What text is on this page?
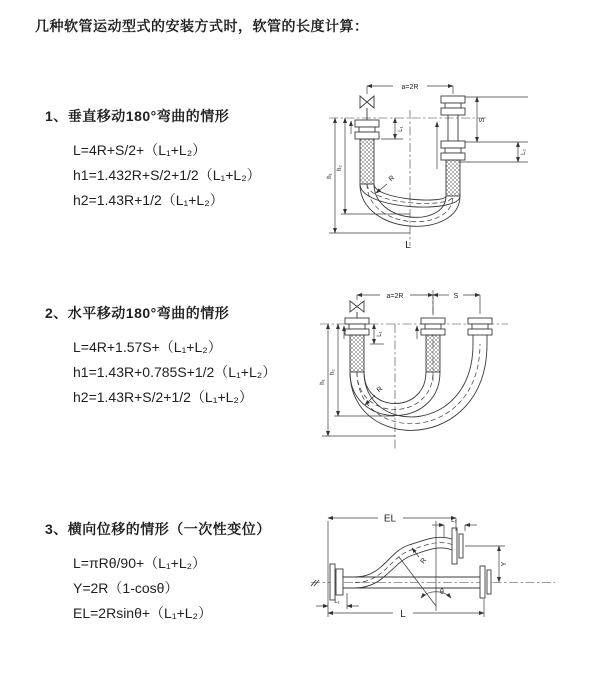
几种软管运动型式的安装方式时，软管的长度计算：
1、垂直移动180°弯曲的情形
L=4R+S/2+（L₁+L₂）
h1=1.432R+S/2+1/2（L₁+L₂）
h2=1.43R+1/2（L₁+L₂）
2、水平移动180°弯曲的情形
L=4R+1.57S+（L₁+L₂）
h1=1.43R+0.785S+1/2（L₁+L₂）
h2=1.43R+S/2+1/2（L₁+L₂）
3、横向位移的情形（一次性变位）
L=πRθ/90+（L₁+L₂）
Y=2R（1-cosθ）
EL=2Rsinθ+（L₁+L₂）
a=2R
S
L₂
h₁
h₂
L₁
R
L
a=2R	S
h₁
h₂
L₁
R
EL	L₂
Y
L
L₁
θ
R
